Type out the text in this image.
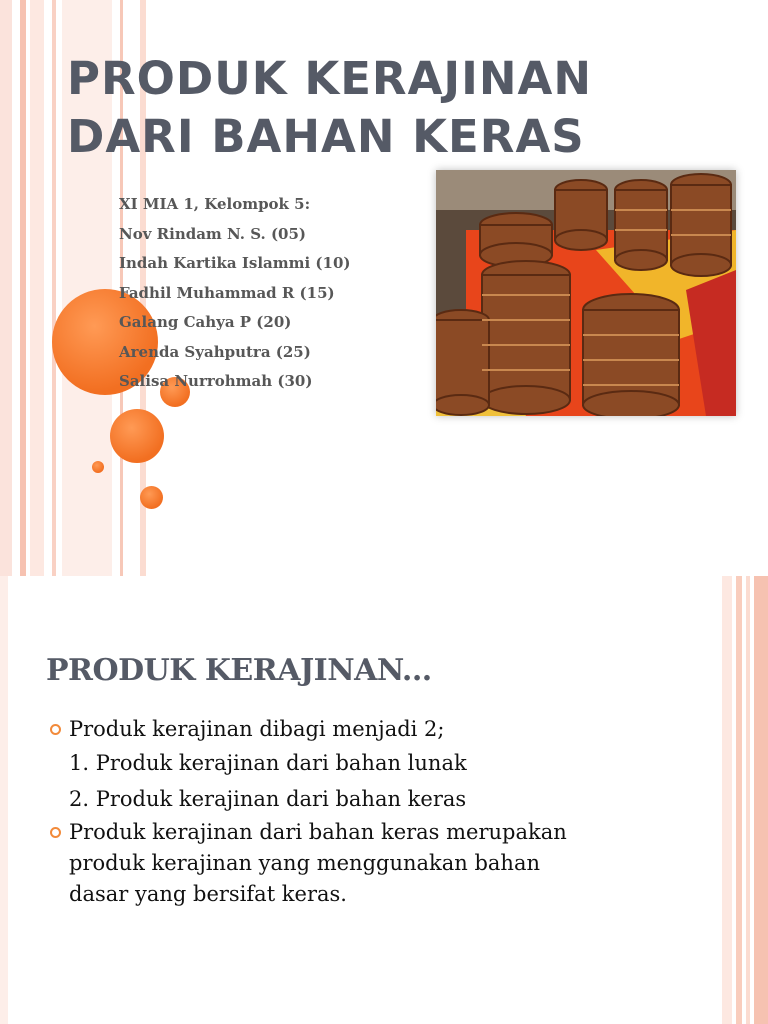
PRODUK KERAJINAN
DARI BAHAN KERAS
XI MIA 1, Kelompok 5:
Nov Rindam N. S. (05)
Indah Kartika Islammi (10)
Fadhil Muhammad R (15)
Galang Cahya P (20)
Arenda Syahputra (25)
Salisa Nurrohmah (30)
PRODUK KERAJINAN...
Produk kerajinan dibagi menjadi 2;
1. Produk kerajinan dari bahan lunak
2. Produk kerajinan dari bahan keras
Produk kerajinan dari bahan keras merupakan
produk kerajinan yang menggunakan bahan
dasar yang bersifat keras.
